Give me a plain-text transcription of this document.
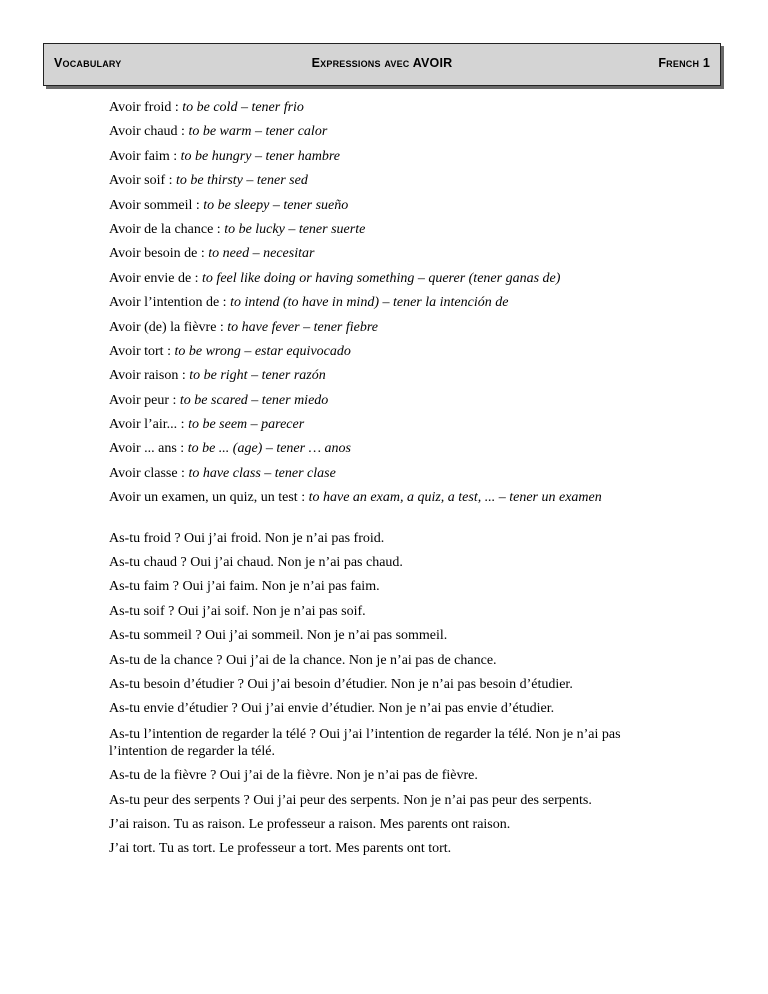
Vocabulary	Expressions avec AVOIR	French 1
Avoir froid : to be cold – tener frio
Avoir chaud : to be warm – tener calor
Avoir faim : to be hungry – tener hambre
Avoir soif : to be thirsty – tener sed
Avoir sommeil : to be sleepy – tener sueño
Avoir de la chance : to be lucky – tener suerte
Avoir besoin de : to need – necesitar
Avoir envie de : to feel like doing or having something – querer (tener ganas de)
Avoir l’intention de : to intend (to have in mind) – tener la intención de
Avoir (de) la fièvre : to have fever – tener fiebre
Avoir tort : to be wrong – estar equivocado
Avoir raison : to be right – tener razón
Avoir peur : to be scared – tener miedo
Avoir l’air... : to be seem – parecer
Avoir ... ans : to be ... (age) – tener … anos
Avoir classe : to have class – tener clase
Avoir un examen, un quiz, un test : to have an exam, a quiz, a test, ... – tener un examen
As-tu froid ? Oui j’ai froid. Non je n’ai pas froid.
As-tu chaud ? Oui j’ai chaud. Non je n’ai pas chaud.
As-tu faim ? Oui j’ai faim. Non je n’ai pas faim.
As-tu soif ? Oui j’ai soif. Non je n’ai pas soif.
As-tu sommeil ? Oui j’ai sommeil. Non je n’ai pas sommeil.
As-tu de la chance ? Oui j’ai de la chance. Non je n’ai pas de chance.
As-tu besoin d’étudier ? Oui j’ai besoin d’étudier. Non je n’ai pas besoin d’étudier.
As-tu envie d’étudier ? Oui j’ai envie d’étudier. Non je n’ai pas envie d’étudier.
As-tu l’intention de regarder la télé ? Oui j’ai l’intention de regarder la télé. Non je n’ai pas l’intention de regarder la télé.
As-tu de la fièvre ? Oui j’ai de la fièvre. Non je n’ai pas de fièvre.
As-tu peur des serpents ? Oui j’ai peur des serpents. Non je n’ai pas peur des serpents.
J’ai raison. Tu as raison. Le professeur a raison. Mes parents ont raison.
J’ai tort. Tu as tort. Le professeur a tort. Mes parents ont tort.
